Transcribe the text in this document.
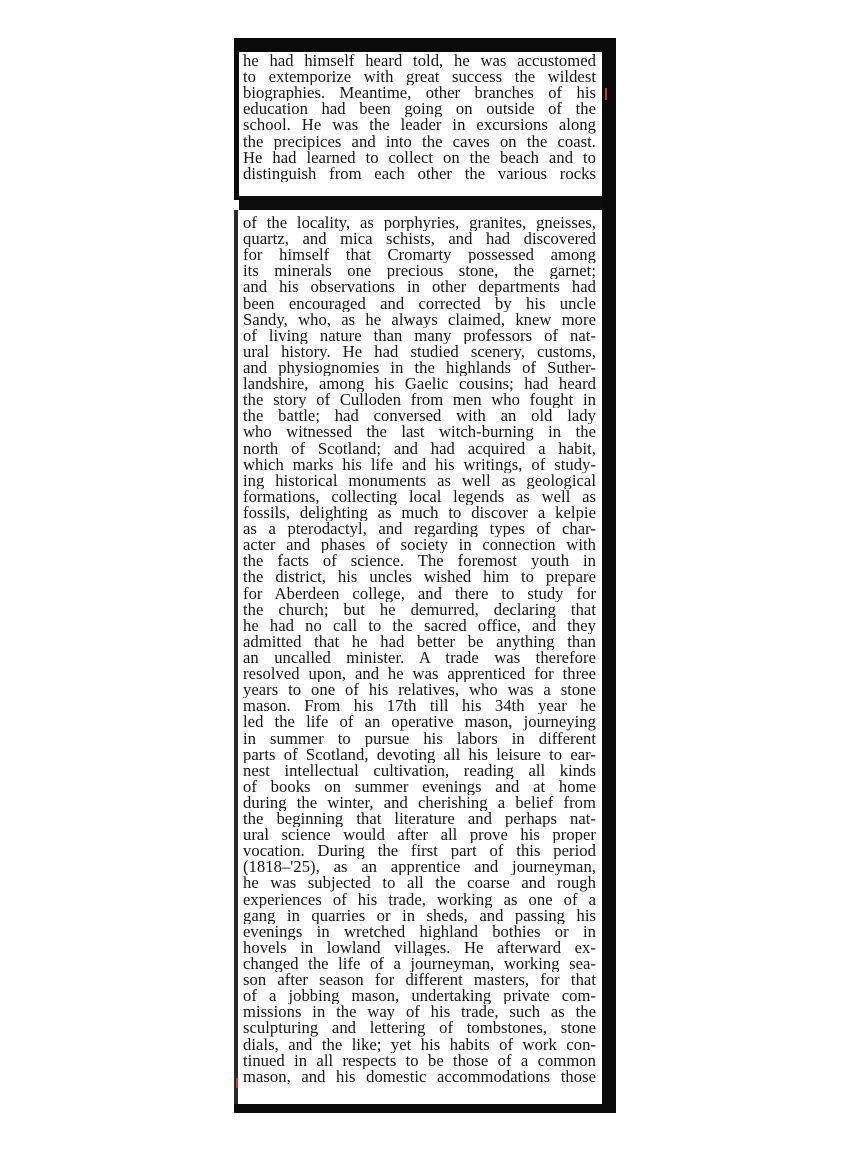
he had himself heard told, he was accustomed
to extemporize with great success the wildest
biographies. Meantime, other branches of his
education had been going on outside of the
school. He was the leader in excursions along
the precipices and into the caves on the coast.
He had learned to collect on the beach and to
distinguish from each other the various rocks
of the locality, as porphyries, granites, gneisses,
quartz, and mica schists, and had discovered
for himself that Cromarty possessed among
its minerals one precious stone, the garnet;
and his observations in other departments had
been encouraged and corrected by his uncle
Sandy, who, as he always claimed, knew more
of living nature than many professors of nat-
ural history. He had studied scenery, customs,
and physiognomies in the highlands of Suther-
landshire, among his Gaelic cousins; had heard
the story of Culloden from men who fought in
the battle; had conversed with an old lady
who witnessed the last witch-burning in the
north of Scotland; and had acquired a habit,
which marks his life and his writings, of study-
ing historical monuments as well as geological
formations, collecting local legends as well as
fossils, delighting as much to discover a kelpie
as a pterodactyl, and regarding types of char-
acter and phases of society in connection with
the facts of science. The foremost youth in
the district, his uncles wished him to prepare
for Aberdeen college, and there to study for
the church; but he demurred, declaring that
he had no call to the sacred office, and they
admitted that he had better be anything than
an uncalled minister. A trade was therefore
resolved upon, and he was apprenticed for three
years to one of his relatives, who was a stone
mason. From his 17th till his 34th year he
led the life of an operative mason, journeying
in summer to pursue his labors in different
parts of Scotland, devoting all his leisure to ear-
nest intellectual cultivation, reading all kinds
of books on summer evenings and at home
during the winter, and cherishing a belief from
the beginning that literature and perhaps nat-
ural science would after all prove his proper
vocation. During the first part of this period
(1818–'25), as an apprentice and journeyman,
he was subjected to all the coarse and rough
experiences of his trade, working as one of a
gang in quarries or in sheds, and passing his
evenings in wretched highland bothies or in
hovels in lowland villages. He afterward ex-
changed the life of a journeyman, working sea-
son after season for different masters, for that
of a jobbing mason, undertaking private com-
missions in the way of his trade, such as the
sculpturing and lettering of tombstones, stone
dials, and the like; yet his habits of work con-
tinued in all respects to be those of a common
mason, and his domestic accommodations those
